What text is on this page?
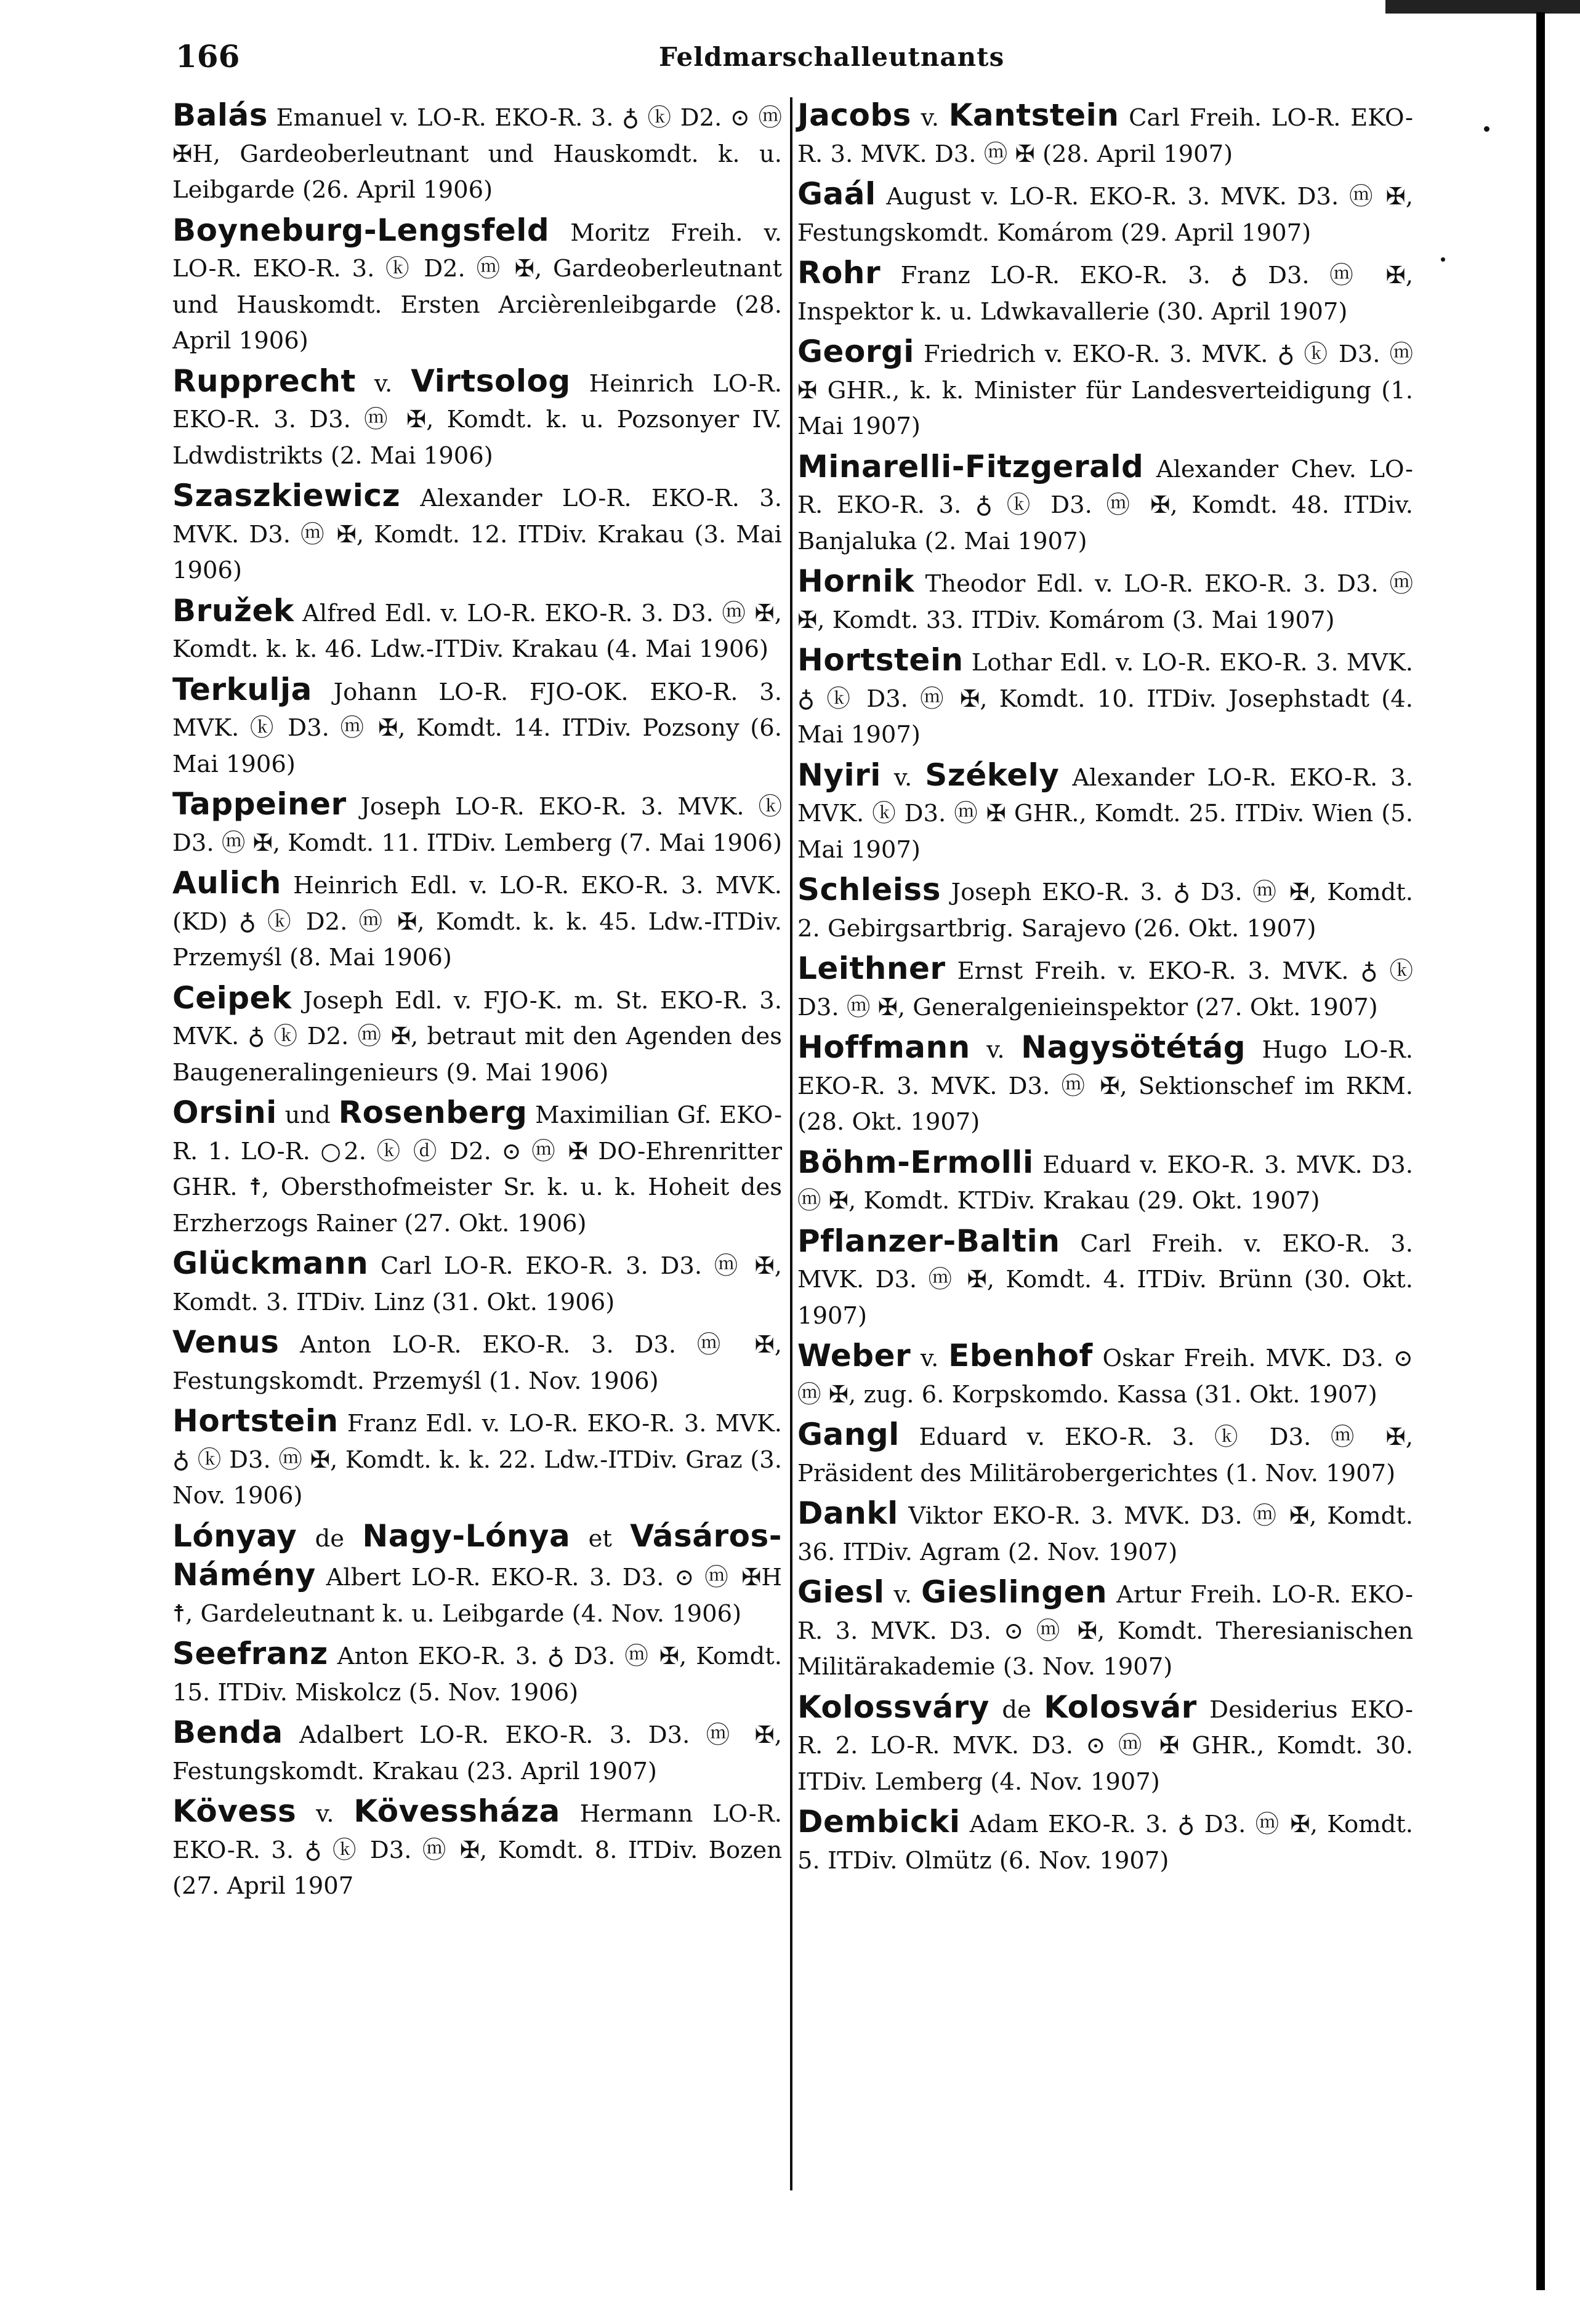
166	Feldmarschalleutnants

Balás Emanuel v. LO-R. EKO-R. 3. ♁ ⓚ D2. ⊙ ⓜ ✠H, Gardeoberleutnant und Hauskomdt. k. u. Leibgarde (26. April 1906)

Boyneburg-Lengsfeld Moritz Freih. v. LO-R. EKO-R. 3. ⓚ D2. ⓜ ✠, Gardeoberleutnant und Hauskomdt. Ersten Arcièrenleibgarde (28. April 1906)

Rupprecht v. Virtsolog Heinrich LO-R. EKO-R. 3. D3. ⓜ ✠, Komdt. k. u. Pozsonyer IV. Ldwdistrikts (2. Mai 1906)

Szaszkiewicz Alexander LO-R. EKO-R. 3. MVK. D3. ⓜ ✠, Komdt. 12. ITDiv. Krakau (3. Mai 1906)

Bružek Alfred Edl. v. LO-R. EKO-R. 3. D3. ⓜ ✠, Komdt. k. k. 46. Ldw.-ITDiv. Krakau (4. Mai 1906)

Terkulja Johann LO-R. FJO-OK. EKO-R. 3. MVK. ⓚ D3. ⓜ ✠, Komdt. 14. ITDiv. Pozsony (6. Mai 1906)

Tappeiner Joseph LO-R. EKO-R. 3. MVK. ⓚ D3. ⓜ ✠, Komdt. 11. ITDiv. Lemberg (7. Mai 1906)

Aulich Heinrich Edl. v. LO-R. EKO-R. 3. MVK. (KD) ♁ ⓚ D2. ⓜ ✠, Komdt. k. k. 45. Ldw.-ITDiv. Przemyśl (8. Mai 1906)

Ceipek Joseph Edl. v. FJO-K. m. St. EKO-R. 3. MVK. ♁ ⓚ D2. ⓜ ✠, betraut mit den Agenden des Baugeneralingenieurs (9. Mai 1906)

Orsini und Rosenberg Maximilian Gf. EKO-R. 1. LO-R. ○2. ⓚ ⓓ D2. ⊙ ⓜ ✠ DO-Ehrenritter GHR. ☨, Obersthofmeister Sr. k. u. k. Hoheit des Erzherzogs Rainer (27. Okt. 1906)

Glückmann Carl LO-R. EKO-R. 3. D3. ⓜ ✠, Komdt. 3. ITDiv. Linz (31. Okt. 1906)

Venus Anton LO-R. EKO-R. 3. D3. ⓜ ✠, Festungskomdt. Przemyśl (1. Nov. 1906)

Hortstein Franz Edl. v. LO-R. EKO-R. 3. MVK. ♁ ⓚ D3. ⓜ ✠, Komdt. k. k. 22. Ldw.-ITDiv. Graz (3. Nov. 1906)

Lónyay de Nagy-Lónya et Vásáros-Námény Albert LO-R. EKO-R. 3. D3. ⊙ ⓜ ✠H ☨, Gardeleutnant k. u. Leibgarde (4. Nov. 1906)

Seefranz Anton EKO-R. 3. ♁ D3. ⓜ ✠, Komdt. 15. ITDiv. Miskolcz (5. Nov. 1906)

Benda Adalbert LO-R. EKO-R. 3. D3. ⓜ ✠, Festungskomdt. Krakau (23. April 1907)

Kövess v. Kövessháza Hermann LO-R. EKO-R. 3. ♁ ⓚ D3. ⓜ ✠, Komdt. 8. ITDiv. Bozen (27. April 1907

Jacobs v. Kantstein Carl Freih. LO-R. EKO-R. 3. MVK. D3. ⓜ ✠ (28. April 1907)

Gaál August v. LO-R. EKO-R. 3. MVK. D3. ⓜ ✠, Festungskomdt. Komárom (29. April 1907)

Rohr Franz LO-R. EKO-R. 3. ♁ D3. ⓜ ✠, Inspektor k. u. Ldwkavallerie (30. April 1907)

Georgi Friedrich v. EKO-R. 3. MVK. ♁ ⓚ D3. ⓜ ✠ GHR., k. k. Minister für Landesverteidigung (1. Mai 1907)

Minarelli-Fitzgerald Alexander Chev. LO-R. EKO-R. 3. ♁ ⓚ D3. ⓜ ✠, Komdt. 48. ITDiv. Banjaluka (2. Mai 1907)

Hornik Theodor Edl. v. LO-R. EKO-R. 3. D3. ⓜ ✠, Komdt. 33. ITDiv. Komárom (3. Mai 1907)

Hortstein Lothar Edl. v. LO-R. EKO-R. 3. MVK. ♁ ⓚ D3. ⓜ ✠, Komdt. 10. ITDiv. Josephstadt (4. Mai 1907)

Nyiri v. Székely Alexander LO-R. EKO-R. 3. MVK. ⓚ D3. ⓜ ✠ GHR., Komdt. 25. ITDiv. Wien (5. Mai 1907)

Schleiss Joseph EKO-R. 3. ♁ D3. ⓜ ✠, Komdt. 2. Gebirgsartbrig. Sarajevo (26. Okt. 1907)

Leithner Ernst Freih. v. EKO-R. 3. MVK. ♁ ⓚ D3. ⓜ ✠, Generalgenieinspektor (27. Okt. 1907)

Hoffmann v. Nagysötétág Hugo LO-R. EKO-R. 3. MVK. D3. ⓜ ✠, Sektionschef im RKM. (28. Okt. 1907)

Böhm-Ermolli Eduard v. EKO-R. 3. MVK. D3. ⓜ ✠, Komdt. KTDiv. Krakau (29. Okt. 1907)

Pflanzer-Baltin Carl Freih. v. EKO-R. 3. MVK. D3. ⓜ ✠, Komdt. 4. ITDiv. Brünn (30. Okt. 1907)

Weber v. Ebenhof Oskar Freih. MVK. D3. ⊙ ⓜ ✠, zug. 6. Korpskomdo. Kassa (31. Okt. 1907)

Gangl Eduard v. EKO-R. 3. ⓚ D3. ⓜ ✠, Präsident des Militärobergerichtes (1. Nov. 1907)

Dankl Viktor EKO-R. 3. MVK. D3. ⓜ ✠, Komdt. 36. ITDiv. Agram (2. Nov. 1907)

Giesl v. Gieslingen Artur Freih. LO-R. EKO-R. 3. MVK. D3. ⊙ ⓜ ✠, Komdt. Theresianischen Militärakademie (3. Nov. 1907)

Kolossváry de Kolosvár Desiderius EKO-R. 2. LO-R. MVK. D3. ⊙ ⓜ ✠ GHR., Komdt. 30. ITDiv. Lemberg (4. Nov. 1907)

Dembicki Adam EKO-R. 3. ♁ D3. ⓜ ✠, Komdt. 5. ITDiv. Olmütz (6. Nov. 1907)
